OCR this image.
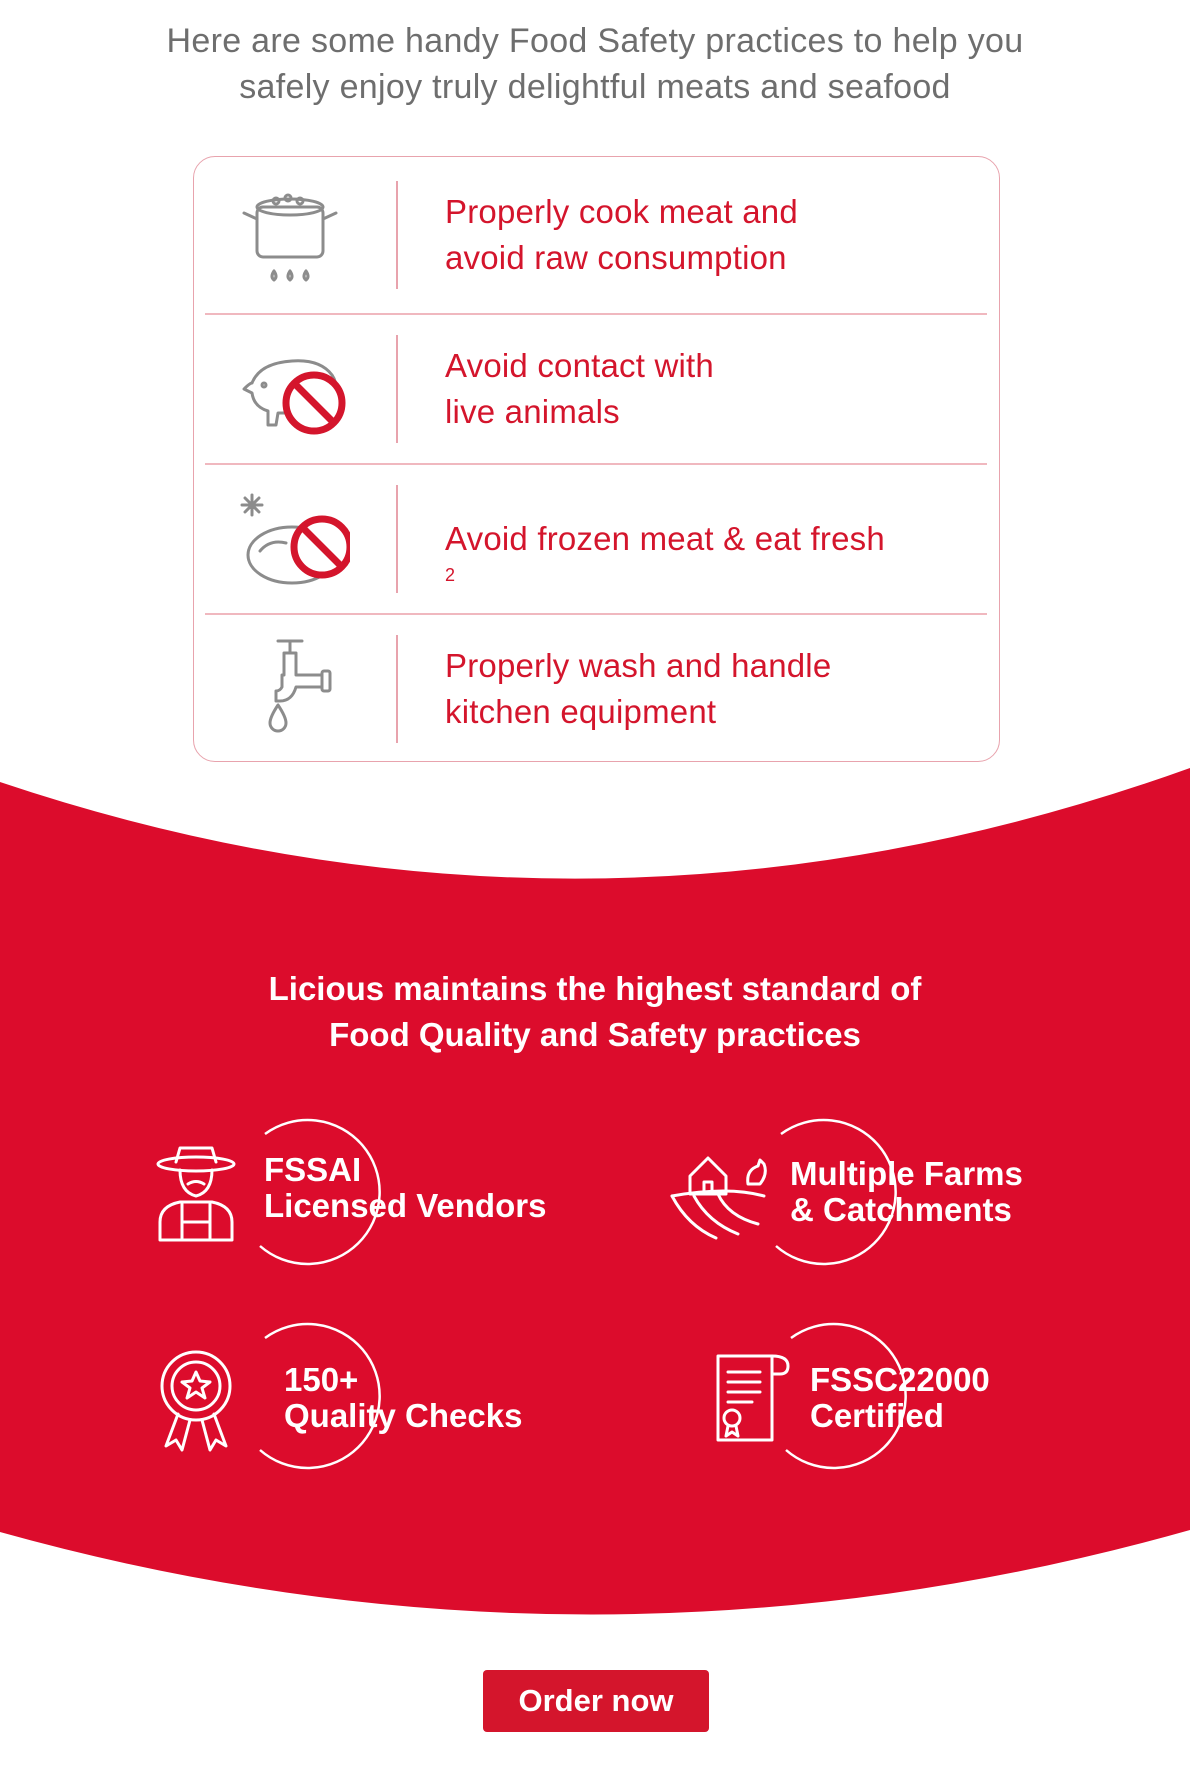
Here are some handy Food Safety practices to help you
safely enjoy truly delightful meats and seafood
Properly cook meat and
avoid raw consumption
Avoid contact with
live animals
Avoid frozen meat & eat fresh
$^2$
Properly wash and handle
kitchen equipment
Licious maintains the highest standard of
Food Quality and Safety practices
FSSAI
Licensed Vendors
Multiple Farms
& Catchments
150+
Quality Checks
FSSC22000
Certified
Order now
